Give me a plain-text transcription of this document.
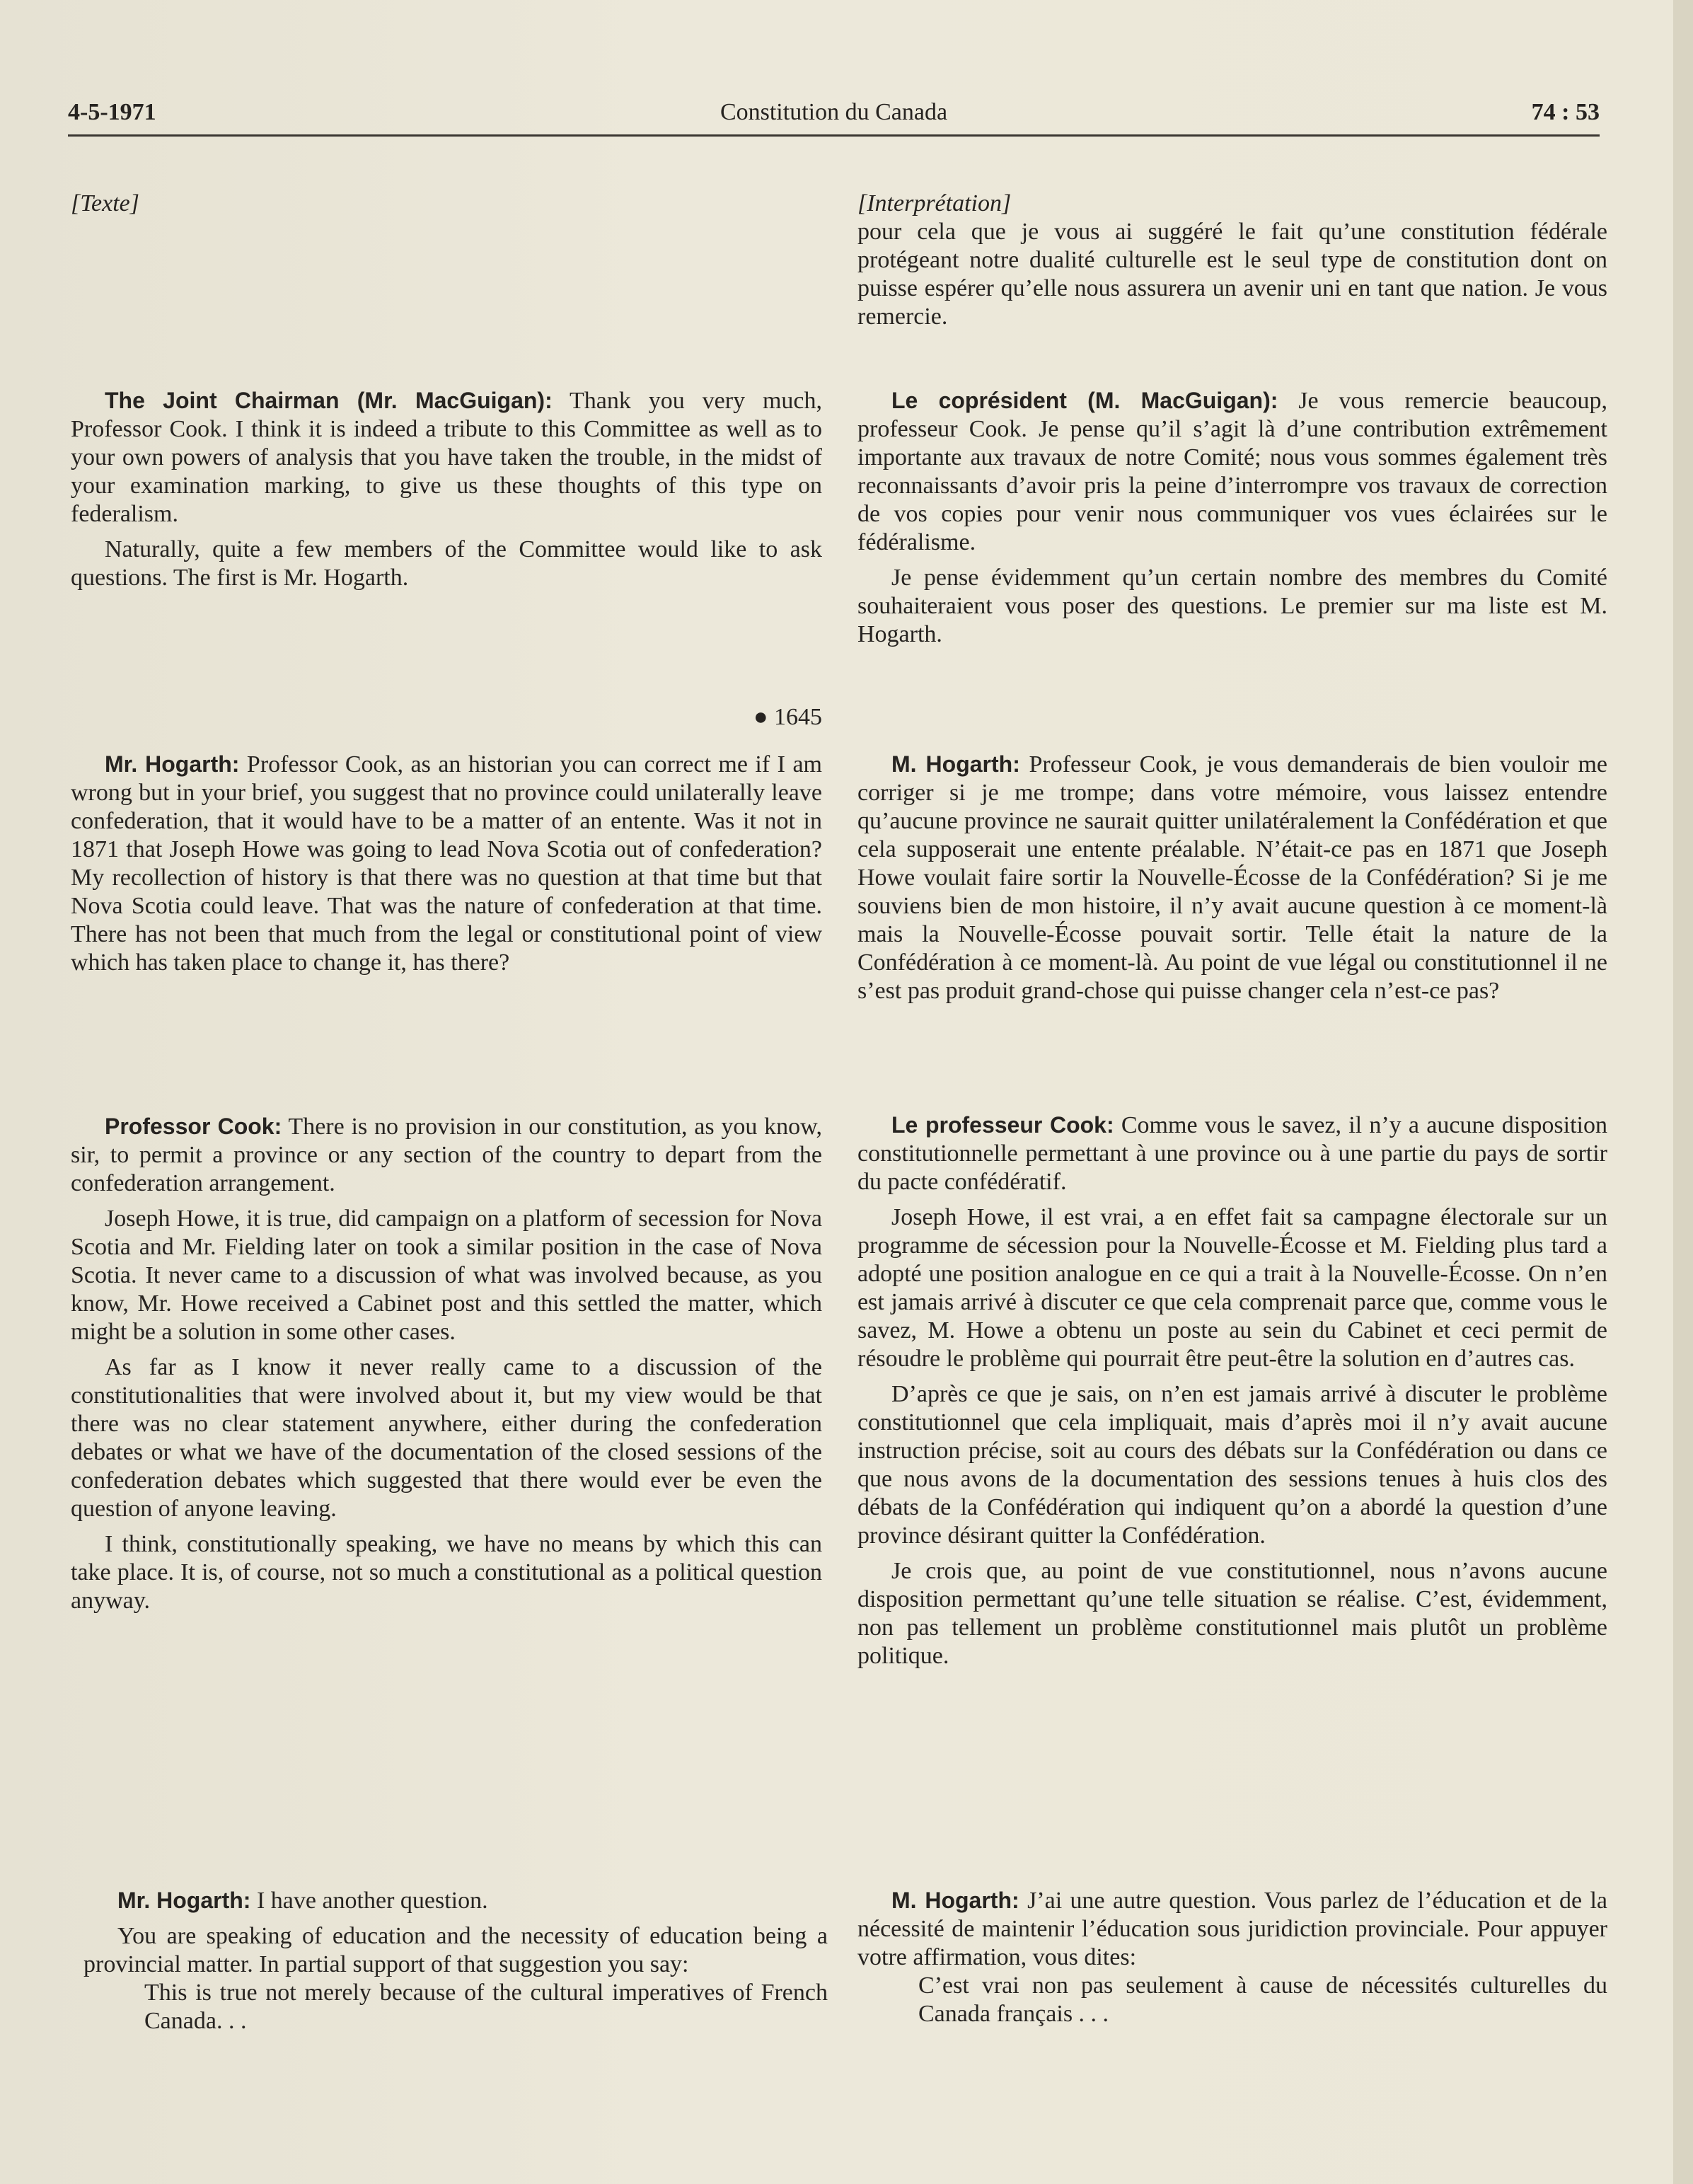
4-5-1971	Constitution du Canada	74 : 53

[Texte]

The Joint Chairman (Mr. MacGuigan): Thank you very much, Professor Cook. I think it is indeed a tribute to this Committee as well as to your own powers of analysis that you have taken the trouble, in the midst of your examination marking, to give us these thoughts of this type on federalism.

Naturally, quite a few members of the Committee would like to ask questions. The first is Mr. Hogarth.

● 1645

Mr. Hogarth: Professor Cook, as an historian you can correct me if I am wrong but in your brief, you suggest that no province could unilaterally leave confederation, that it would have to be a matter of an entente. Was it not in 1871 that Joseph Howe was going to lead Nova Scotia out of confederation? My recollection of history is that there was no question at that time but that Nova Scotia could leave. That was the nature of confederation at that time. There has not been that much from the legal or constitutional point of view which has taken place to change it, has there?

Professor Cook: There is no provision in our constitution, as you know, sir, to permit a province or any section of the country to depart from the confederation arrangement.

Joseph Howe, it is true, did campaign on a platform of secession for Nova Scotia and Mr. Fielding later on took a similar position in the case of Nova Scotia. It never came to a discussion of what was involved because, as you know, Mr. Howe received a Cabinet post and this settled the matter, which might be a solution in some other cases.

As far as I know it never really came to a discussion of the constitutionalities that were involved about it, but my view would be that there was no clear statement anywhere, either during the confederation debates or what we have of the documentation of the closed sessions of the confederation debates which suggested that there would ever be even the question of anyone leaving.

I think, constitutionally speaking, we have no means by which this can take place. It is, of course, not so much a constitutional as a political question anyway.

Mr. Hogarth: I have another question.

You are speaking of education and the necessity of education being a provincial matter. In partial support of that suggestion you say:

This is true not merely because of the cultural imperatives of French Canada. . .

[Interprétation]

pour cela que je vous ai suggéré le fait qu’une constitution fédérale protégeant notre dualité culturelle est le seul type de constitution dont on puisse espérer qu’elle nous assurera un avenir uni en tant que nation. Je vous remercie.

Le coprésident (M. MacGuigan): Je vous remercie beaucoup, professeur Cook. Je pense qu’il s’agit là d’une contribution extrêmement importante aux travaux de notre Comité; nous vous sommes également très reconnaissants d’avoir pris la peine d’interrompre vos travaux de correction de vos copies pour venir nous communiquer vos vues éclairées sur le fédéralisme.

Je pense évidemment qu’un certain nombre des membres du Comité souhaiteraient vous poser des questions. Le premier sur ma liste est M. Hogarth.

M. Hogarth: Professeur Cook, je vous demanderais de bien vouloir me corriger si je me trompe; dans votre mémoire, vous laissez entendre qu’aucune province ne saurait quitter unilatéralement la Confédération et que cela supposerait une entente préalable. N’était-ce pas en 1871 que Joseph Howe voulait faire sortir la Nouvelle-Écosse de la Confédération? Si je me souviens bien de mon histoire, il n’y avait aucune question à ce moment-là mais la Nouvelle-Écosse pouvait sortir. Telle était la nature de la Confédération à ce moment-là. Au point de vue légal ou constitutionnel il ne s’est pas produit grand-chose qui puisse changer cela n’est-ce pas?

Le professeur Cook: Comme vous le savez, il n’y a aucune disposition constitutionnelle permettant à une province ou à une partie du pays de sortir du pacte confédératif.

Joseph Howe, il est vrai, a en effet fait sa campagne électorale sur un programme de sécession pour la Nouvelle-Écosse et M. Fielding plus tard a adopté une position analogue en ce qui a trait à la Nouvelle-Écosse. On n’en est jamais arrivé à discuter ce que cela comprenait parce que, comme vous le savez, M. Howe a obtenu un poste au sein du Cabinet et ceci permit de résoudre le problème qui pourrait être peut-être la solution en d’autres cas.

D’après ce que je sais, on n’en est jamais arrivé à discuter le problème constitutionnel que cela impliquait, mais d’après moi il n’y avait aucune instruction précise, soit au cours des débats sur la Confédération ou dans ce que nous avons de la documentation des sessions tenues à huis clos des débats de la Confédération qui indiquent qu’on a abordé la question d’une province désirant quitter la Confédération.

Je crois que, au point de vue constitutionnel, nous n’avons aucune disposition permettant qu’une telle situation se réalise. C’est, évidemment, non pas tellement un problème constitutionnel mais plutôt un problème politique.

M. Hogarth: J’ai une autre question. Vous parlez de l’éducation et de la nécessité de maintenir l’éducation sous juridiction provinciale. Pour appuyer votre affirmation, vous dites:

C’est vrai non pas seulement à cause de nécessités culturelles du Canada français . . .
